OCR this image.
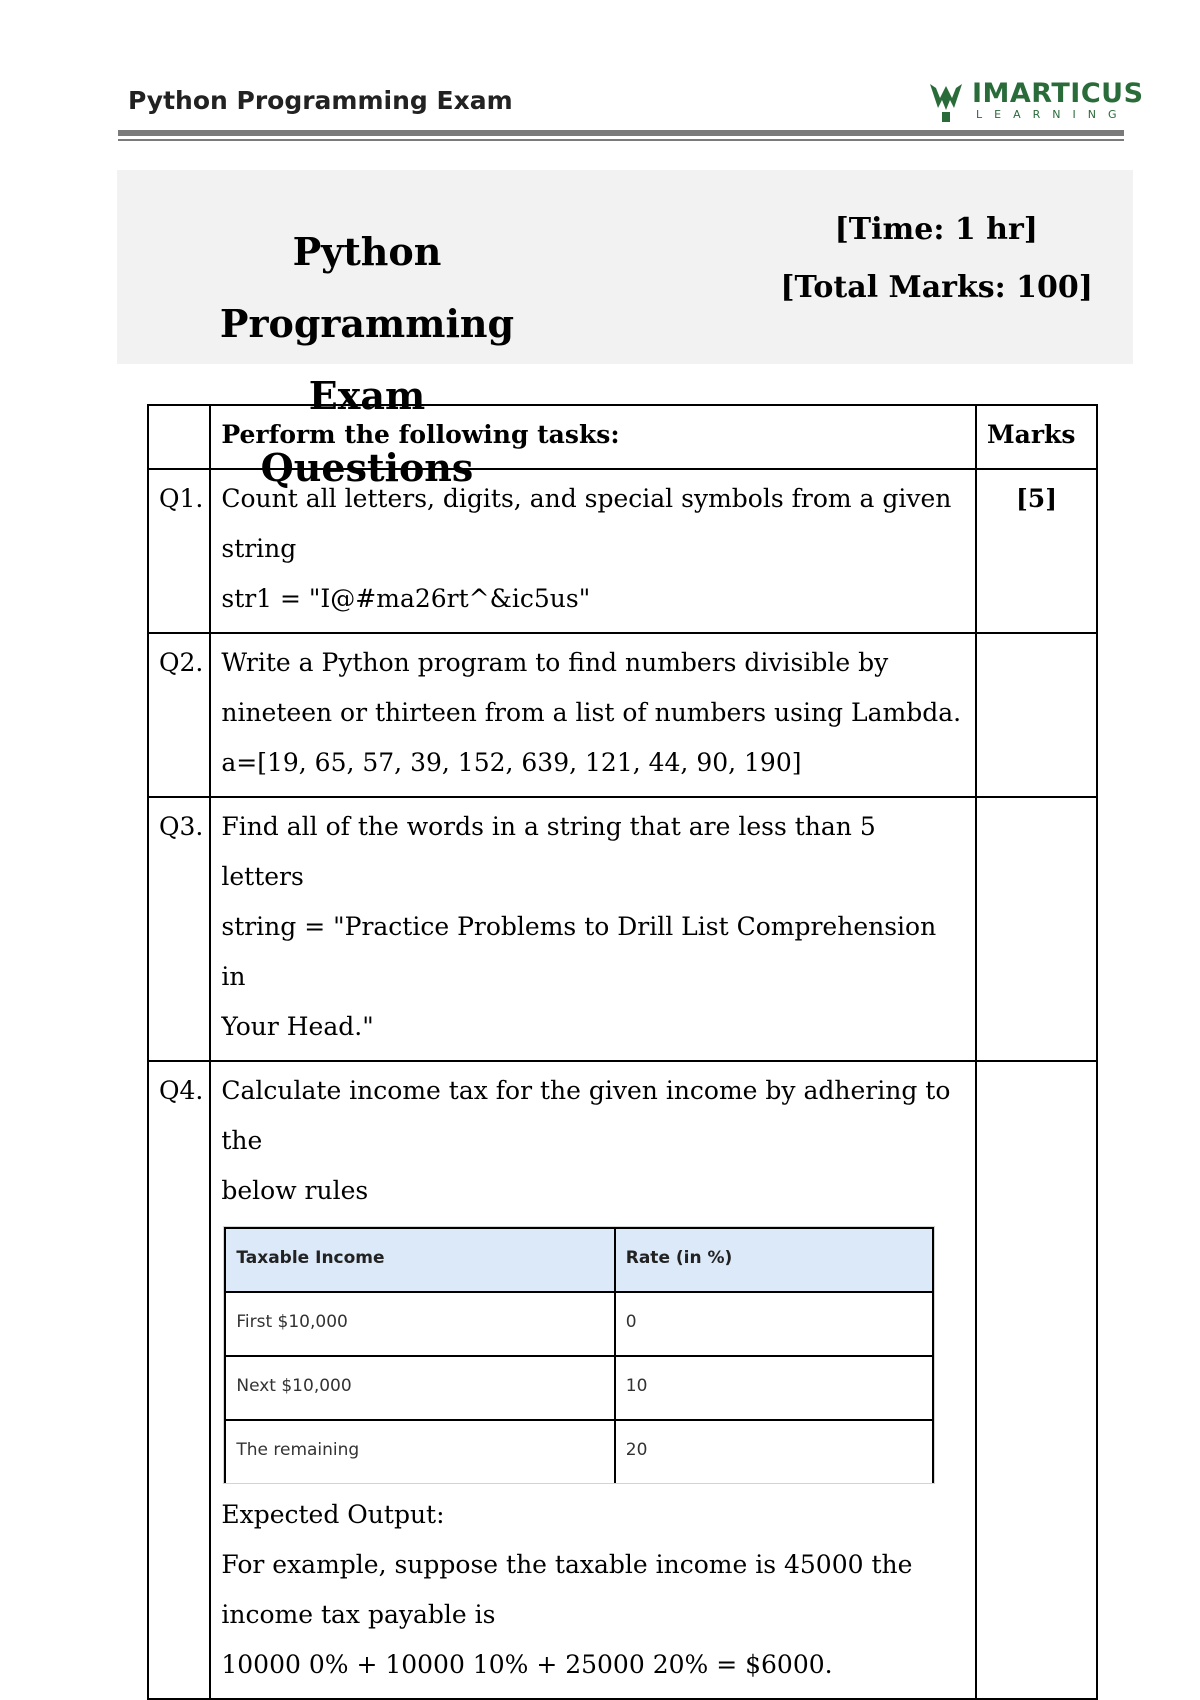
Python Programming Exam	IMARTICUS
LEARNING
Python Programming Exam
Questions
[Time: 1 hr]
[Total Marks: 100]
	Perform the following tasks:	Marks
Q1.	Count all letters, digits, and special symbols from a given
string
str1 = "I@#ma26rt^&ic5us"
	[5]
Q2.	Write a Python program to find numbers divisible by
nineteen or thirteen from a list of numbers using Lambda.
a=[19, 65, 57, 39, 152, 639, 121, 44, 90, 190]

Q3.	Find all of the words in a string that are less than 5 letters
string = "Practice Problems to Drill List Comprehension in
Your Head."

Q4.	Calculate income tax for the given income by adhering to the
below rules
Taxable Income	Rate (in %)
First $10,000	0
Next $10,000	10
The remaining	20
Expected Output:
For example, suppose the taxable income is 45000 the
income tax payable is
10000 0% + 10000 10% + 25000 20% = $6000.
